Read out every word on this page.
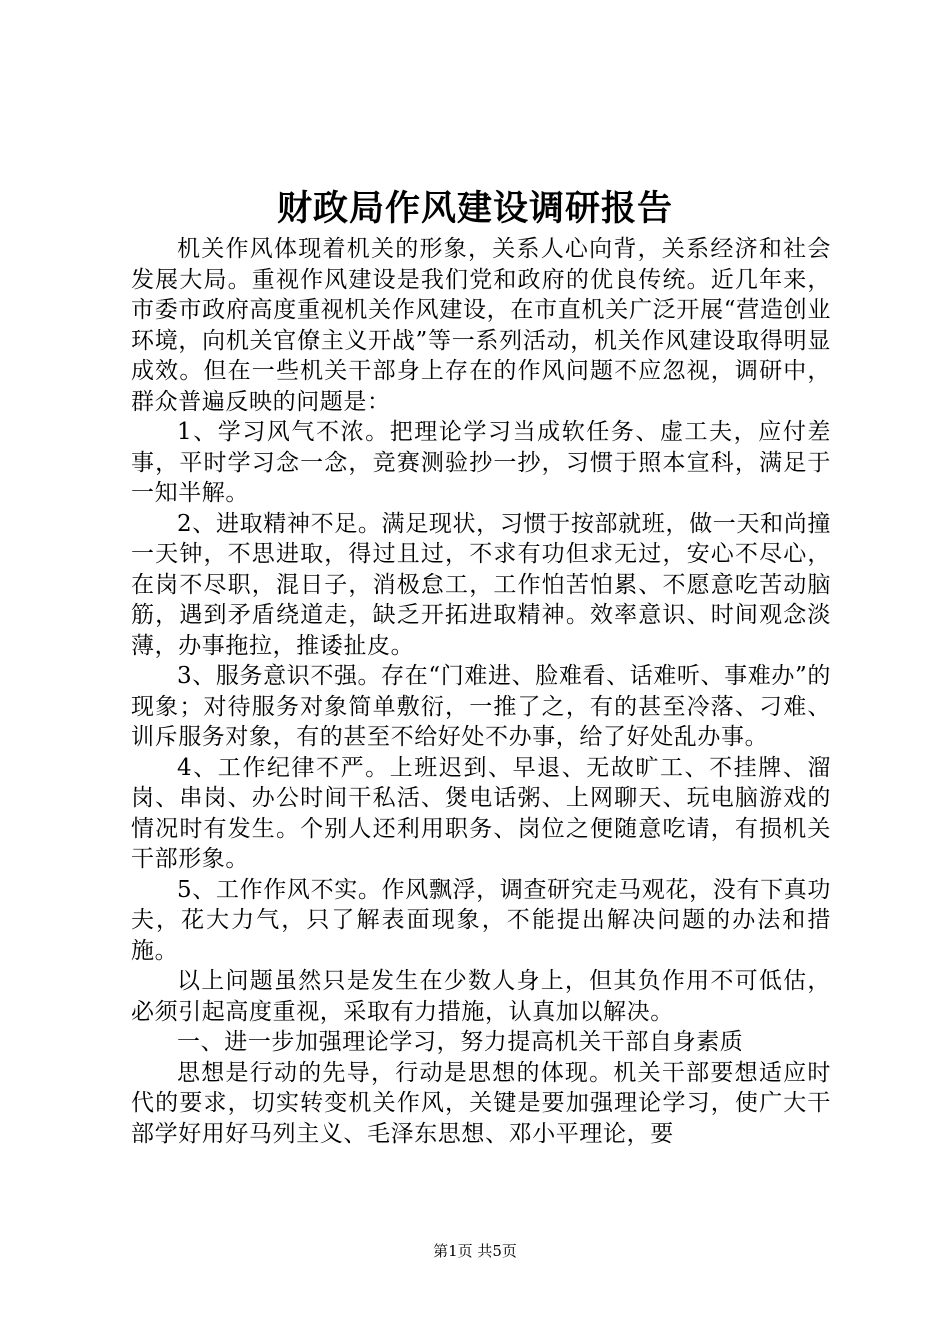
财政局作风建设调研报告

机关作风体现着机关的形象，关系人心向背，关系经济和社会发展大局。重视作风建设是我们党和政府的优良传统。近几年来，市委市政府高度重视机关作风建设，在市直机关广泛开展“营造创业环境，向机关官僚主义开战”等一系列活动，机关作风建设取得明显成效。但在一些机关干部身上存在的作风问题不应忽视，调研中，群众普遍反映的问题是：

1、学习风气不浓。把理论学习当成软任务、虚工夫，应付差事，平时学习念一念，竞赛测验抄一抄，习惯于照本宣科，满足于一知半解。

2、进取精神不足。满足现状，习惯于按部就班，做一天和尚撞一天钟，不思进取，得过且过，不求有功但求无过，安心不尽心，在岗不尽职，混日子，消极怠工，工作怕苦怕累、不愿意吃苦动脑筋，遇到矛盾绕道走，缺乏开拓进取精神。效率意识、时间观念淡薄，办事拖拉，推诿扯皮。

3、服务意识不强。存在“门难进、脸难看、话难听、事难办”的现象；对待服务对象简单敷衍，一推了之，有的甚至冷落、刁难、训斥服务对象，有的甚至不给好处不办事，给了好处乱办事。

4、工作纪律不严。上班迟到、早退、无故旷工、不挂牌、溜岗、串岗、办公时间干私活、煲电话粥、上网聊天、玩电脑游戏的情况时有发生。个别人还利用职务、岗位之便随意吃请，有损机关干部形象。

5、工作作风不实。作风飘浮，调查研究走马观花，没有下真功夫，花大力气，只了解表面现象，不能提出解决问题的办法和措施。

以上问题虽然只是发生在少数人身上，但其负作用不可低估，必须引起高度重视，采取有力措施，认真加以解决。

一、进一步加强理论学习，努力提高机关干部自身素质

思想是行动的先导，行动是思想的体现。机关干部要想适应时代的要求，切实转变机关作风，关键是要加强理论学习，使广大干部学好用好马列主义、毛泽东思想、邓小平理论，要

第1页 共5页
